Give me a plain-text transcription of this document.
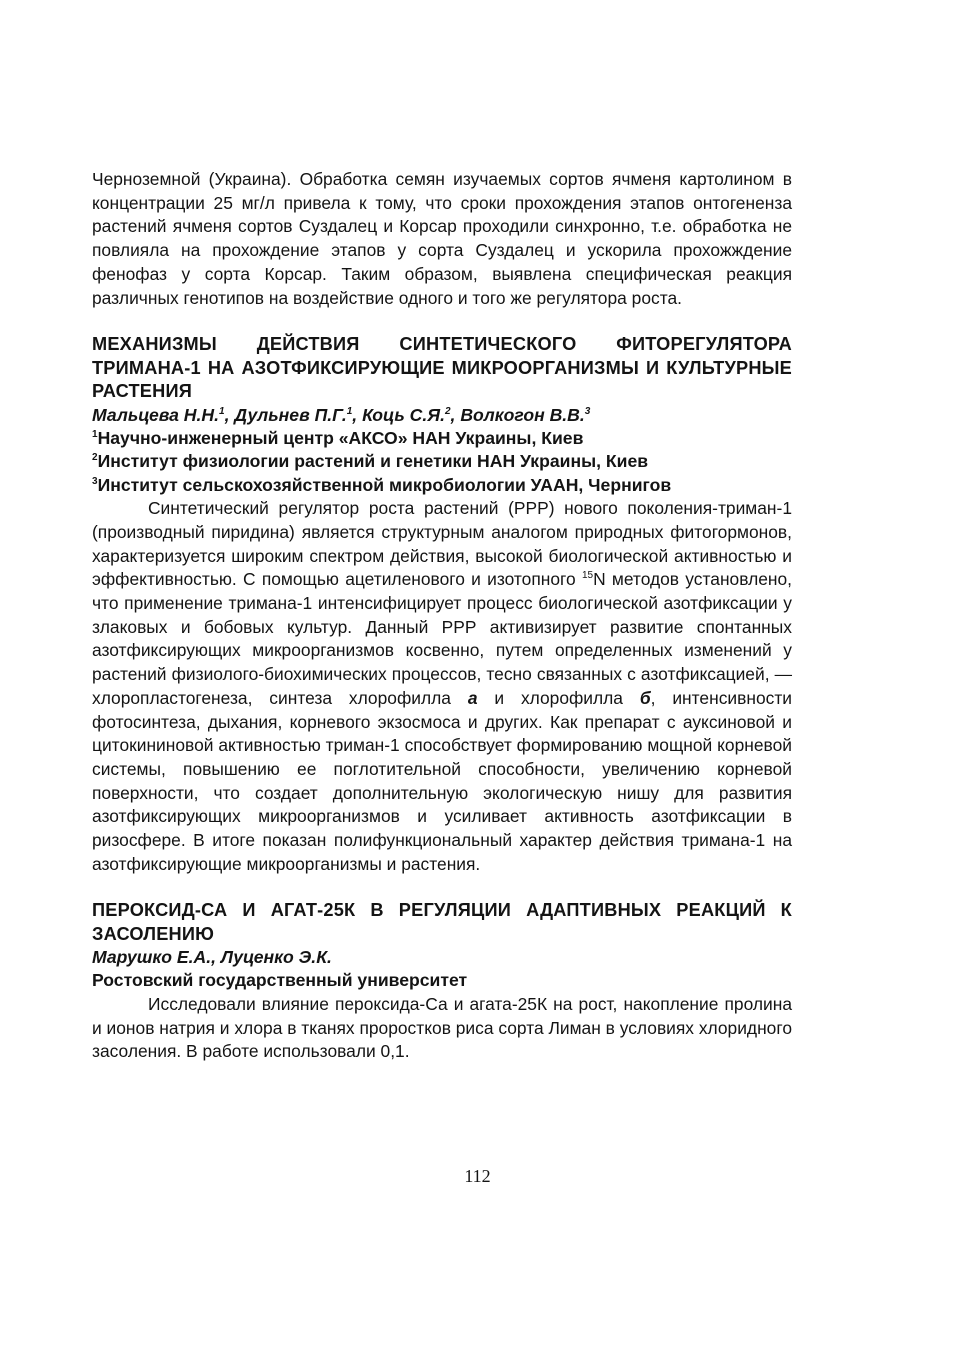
Черноземной (Украина). Обработка семян изучаемых сортов ячменя картолином в концентрации 25 мг/л привела к тому, что сроки прохождения этапов онтогененза растений ячменя сортов Суздалец и Корсар проходили синхронно, т.е. обработка не повлияла на прохождение этапов у сорта Суздалец и ускорила прохожждение фенофаз у сорта Корсар. Таким образом, выявлена специфическая реакция различных генотипов на воздействие одного и того же регулятора роста.

МЕХАНИЗМЫ ДЕЙСТВИЯ СИНТЕТИЧЕСКОГО ФИТОРЕГУЛЯТОРА ТРИМАНА-1 НА АЗОТФИКСИРУЮЩИЕ МИКРООРГАНИЗМЫ И КУЛЬТУРНЫЕ РАСТЕНИЯ

Мальцева Н.Н.$^1$, Дульнев П.Г.$^1$, Коць С.Я.$^2$, Волкогон В.В.$^3$

$^1$Научно-инженерный центр «АКСО» НАН Украины, Киев

$^2$Институт физиологии растений и генетики НАН Украины, Киев

$^3$Институт сельскохозяйственной микробиологии УААН, Чернигов

Синтетический регулятор роста растений (РРР) нового поколения-триман-1 (производный пиридина) является структурным аналогом природных фитогормонов, характеризуется широким спектром действия, высокой биологической активностью и эффективностью. С помощью ацетиленового и изотопного $^{15}$N методов установлено, что применение тримана-1 интенсифицирует процесс биологической азотфиксации у злаковых и бобовых культур. Данный РРР активизирует развитие спонтанных азотфиксирующих микроорганизмов косвенно, путем определенных изменений у растений физиолого-биохимических процессов, тесно связанных с азотфиксацией, — хлоропластогенеза, синтеза хлорофилла а и хлорофилла б, интенсивности фотосинтеза, дыхания, корневого экзосмоса и других. Как препарат с ауксиновой и цитокининовой активностью триман-1 способствует формированию мощной корневой системы, повышению ее поглотительной способности, увеличению корневой поверхности, что создает дополнительную экологическую нишу для развития азотфиксирующих микроорганизмов и усиливает активность азотфиксации в ризосфере. В итоге показан полифункциональный характер действия тримана-1 на азотфиксирующие микроорганизмы и растения.

ПЕРОКСИД-СА И АГАТ-25К В РЕГУЛЯЦИИ АДАПТИВНЫХ РЕАКЦИЙ К ЗАСОЛЕНИЮ

Марушко Е.А., Луценко Э.К.

Ростовский государственный университет

Исследовали влияние пероксида-Са и агата-25К на рост, накопление пролина и ионов натрия и хлора в тканях проростков риса сорта Лиман в условиях хлоридного засоления. В работе использовали 0,1.

112
